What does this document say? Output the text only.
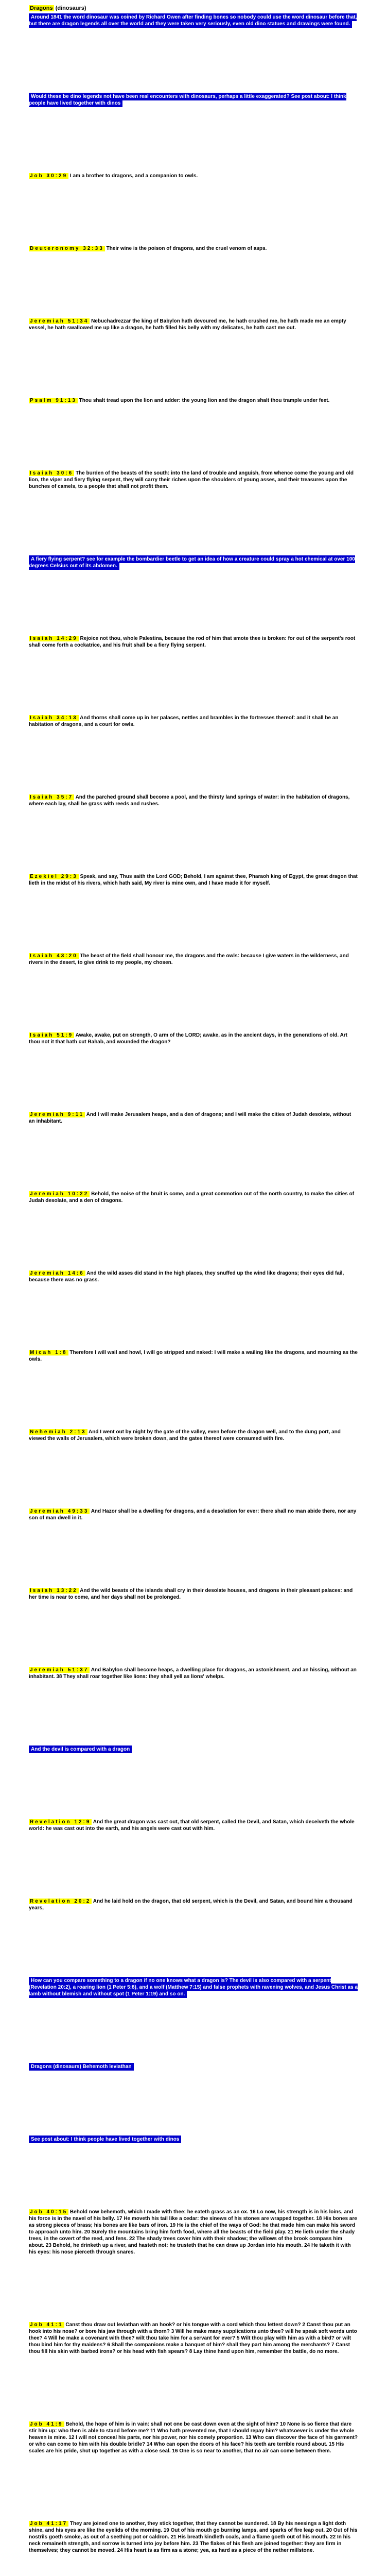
Dragons (dinosaurs)
Around 1841 the word dinosaur was coined by Richard Owen after finding bones so nobody could use the word dinosaur before that, but there are dragon legends all over the world and they were taken very seriously, even old dino statues and drawings were found.
Would these be dino legends not have been real encounters with dinosaurs, perhaps a little exaggerated? See post about: I think people have lived together with dinos
Job 30:29 I am a brother to dragons, and a companion to owls.
Deuteronomy 32:33 Their wine is the poison of dragons, and the cruel venom of asps.
Jeremiah 51:34 Nebuchadrezzar the king of Babylon hath devoured me, he hath crushed me, he hath made me an empty vessel, he hath swallowed me up like a dragon, he hath filled his belly with my delicates, he hath cast me out.
Psalm 91:13 Thou shalt tread upon the lion and adder: the young lion and the dragon shalt thou trample under feet.
Isaiah 30:6 The burden of the beasts of the south: into the land of trouble and anguish, from whence come the young and old lion, the viper and fiery flying serpent, they will carry their riches upon the shoulders of young asses, and their treasures upon the bunches of camels, to a people that shall not profit them.
A fiery flying serpent? see for example the bombardier beetle to get an idea of how a creature could spray a hot chemical at over 100 degrees Celsius out of its abdomen.
Isaiah 14:29 Rejoice not thou, whole Palestina, because the rod of him that smote thee is broken: for out of the serpent's root shall come forth a cockatrice, and his fruit shall be a fiery flying serpent.
Isaiah 34:13 And thorns shall come up in her palaces, nettles and brambles in the fortresses thereof: and it shall be an habitation of dragons, and a court for owls.
Isaiah 35:7 And the parched ground shall become a pool, and the thirsty land springs of water: in the habitation of dragons, where each lay, shall be grass with reeds and rushes.
Ezekiel 29:3 Speak, and say, Thus saith the Lord GOD; Behold, I am against thee, Pharaoh king of Egypt, the great dragon that lieth in the midst of his rivers, which hath said, My river is mine own, and I have made it for myself.
Isaiah 43:20 The beast of the field shall honour me, the dragons and the owls: because I give waters in the wilderness, and rivers in the desert, to give drink to my people, my chosen.
Isaiah 51:9 Awake, awake, put on strength, O arm of the LORD; awake, as in the ancient days, in the generations of old. Art thou not it that hath cut Rahab, and wounded the dragon?
Jeremiah 9:11 And I will make Jerusalem heaps, and a den of dragons; and I will make the cities of Judah desolate, without an inhabitant.
Jeremiah 10:22 Behold, the noise of the bruit is come, and a great commotion out of the north country, to make the cities of Judah desolate, and a den of dragons.
Jeremiah 14:6 And the wild asses did stand in the high places, they snuffed up the wind like dragons; their eyes did fail, because there was no grass.
Micah 1:8 Therefore I will wail and howl, I will go stripped and naked: I will make a wailing like the dragons, and mourning as the owls.
Nehemiah 2:13 And I went out by night by the gate of the valley, even before the dragon well, and to the dung port, and viewed the walls of Jerusalem, which were broken down, and the gates thereof were consumed with fire.
Jeremiah 49:33 And Hazor shall be a dwelling for dragons, and a desolation for ever: there shall no man abide there, nor any son of man dwell in it.
Isaiah 13:22 And the wild beasts of the islands shall cry in their desolate houses, and dragons in their pleasant palaces: and her time is near to come, and her days shall not be prolonged.
Jeremiah 51:37 And Babylon shall become heaps, a dwelling place for dragons, an astonishment, and an hissing, without an inhabitant. 38 They shall roar together like lions: they shall yell as lions' whelps.
And the devil is compared with a dragon
Revelation 12:9 And the great dragon was cast out, that old serpent, called the Devil, and Satan, which deceiveth the whole world: he was cast out into the earth, and his angels were cast out with him.
Revelation 20:2 And he laid hold on the dragon, that old serpent, which is the Devil, and Satan, and bound him a thousand years,
How can you compare something to a dragon if no one knows what a dragon is? The devil is also compared with a serpent (Revelation 20:2), a roaring lion (1 Peter 5:8), and a wolf (Matthew 7:15) and false prophets with ravening wolves, and Jesus Christ as a lamb without blemish and without spot (1 Peter 1:19) and so on.
Dragons (dinosaurs) Behemoth leviathan
See post about: I think people have lived together with dinos
Job 40:15 Behold now behemoth, which I made with thee; he eateth grass as an ox. 16 Lo now, his strength is in his loins, and his force is in the navel of his belly. 17 He moveth his tail like a cedar: the sinews of his stones are wrapped together. 18 His bones are as strong pieces of brass; his bones are like bars of iron. 19 He is the chief of the ways of God: he that made him can make his sword to approach unto him. 20 Surely the mountains bring him forth food, where all the beasts of the field play. 21 He lieth under the shady trees, in the covert of the reed, and fens. 22 The shady trees cover him with their shadow; the willows of the brook compass him about. 23 Behold, he drinketh up a river, and hasteth not: he trusteth that he can draw up Jordan into his mouth. 24 He taketh it with his eyes: his nose pierceth through snares.
Job 41:1 Canst thou draw out leviathan with an hook? or his tongue with a cord which thou lettest down? 2 Canst thou put an hook into his nose? or bore his jaw through with a thorn? 3 Will he make many supplications unto thee? will he speak soft words unto thee? 4 Will he make a covenant with thee? wilt thou take him for a servant for ever? 5 Wilt thou play with him as with a bird? or wilt thou bind him for thy maidens? 6 Shall the companions make a banquet of him? shall they part him among the merchants? 7 Canst thou fill his skin with barbed irons? or his head with fish spears? 8 Lay thine hand upon him, remember the battle, do no more.
Job 41:9 Behold, the hope of him is in vain: shall not one be cast down even at the sight of him? 10 None is so fierce that dare stir him up: who then is able to stand before me? 11 Who hath prevented me, that I should repay him? whatsoever is under the whole heaven is mine. 12 I will not conceal his parts, nor his power, nor his comely proportion. 13 Who can discover the face of his garment? or who can come to him with his double bridle? 14 Who can open the doors of his face? his teeth are terrible round about. 15 His scales are his pride, shut up together as with a close seal. 16 One is so near to another, that no air can come between them.
Job 41:17 They are joined one to another, they stick together, that they cannot be sundered. 18 By his neesings a light doth shine, and his eyes are like the eyelids of the morning. 19 Out of his mouth go burning lamps, and sparks of fire leap out. 20 Out of his nostrils goeth smoke, as out of a seething pot or caldron. 21 His breath kindleth coals, and a flame goeth out of his mouth. 22 In his neck remaineth strength, and sorrow is turned into joy before him. 23 The flakes of his flesh are joined together: they are firm in themselves; they cannot be moved. 24 His heart is as firm as a stone; yea, as hard as a piece of the nether millstone.
